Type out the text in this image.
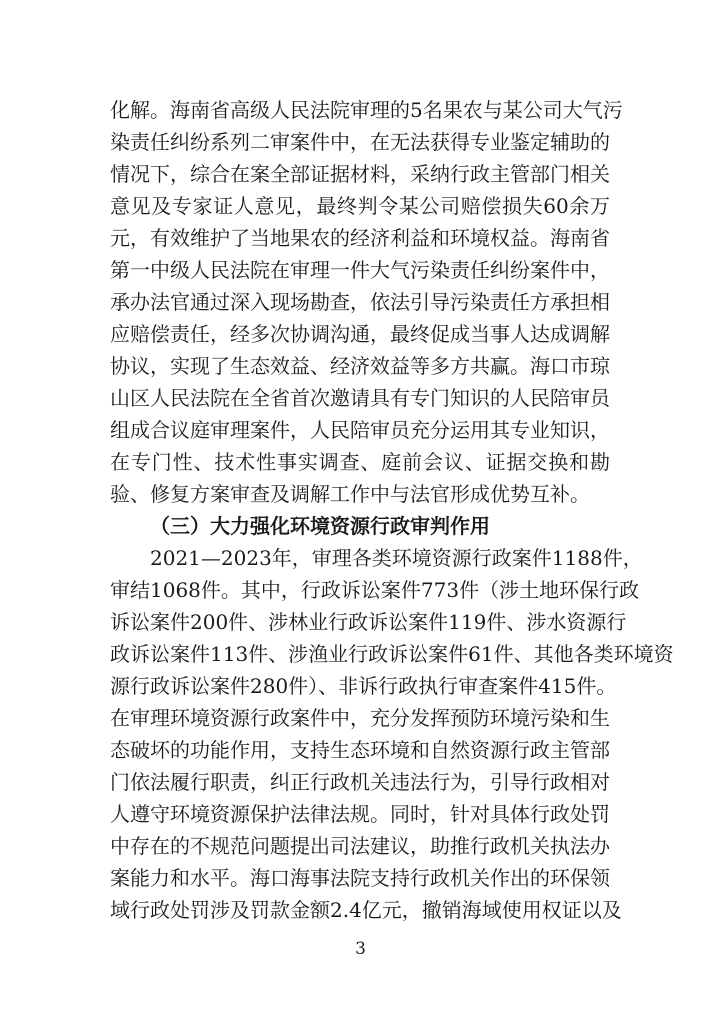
化解。海南省高级人民法院审理的5名果农与某公司大气污
染责任纠纷系列二审案件中，在无法获得专业鉴定辅助的
情况下，综合在案全部证据材料，采纳行政主管部门相关
意见及专家证人意见，最终判令某公司赔偿损失60余万
元，有效维护了当地果农的经济利益和环境权益。海南省
第一中级人民法院在审理一件大气污染责任纠纷案件中，
承办法官通过深入现场勘查，依法引导污染责任方承担相
应赔偿责任，经多次协调沟通，最终促成当事人达成调解
协议，实现了生态效益、经济效益等多方共赢。海口市琼
山区人民法院在全省首次邀请具有专门知识的人民陪审员
组成合议庭审理案件，人民陪审员充分运用其专业知识，
在专门性、技术性事实调查、庭前会议、证据交换和勘
验、修复方案审查及调解工作中与法官形成优势互补。
（三）大力强化环境资源行政审判作用
2021—2023年，审理各类环境资源行政案件1188件，
审结1068件。其中，行政诉讼案件773件（涉土地环保行政
诉讼案件200件、涉林业行政诉讼案件119件、涉水资源行
政诉讼案件113件、涉渔业行政诉讼案件61件、其他各类环境资
源行政诉讼案件280件）、非诉行政执行审查案件415件。
在审理环境资源行政案件中，充分发挥预防环境污染和生
态破坏的功能作用，支持生态环境和自然资源行政主管部
门依法履行职责，纠正行政机关违法行为，引导行政相对
人遵守环境资源保护法律法规。同时，针对具体行政处罚
中存在的不规范问题提出司法建议，助推行政机关执法办
案能力和水平。海口海事法院支持行政机关作出的环保领
域行政处罚涉及罚款金额2.4亿元，撤销海域使用权证以及
3
